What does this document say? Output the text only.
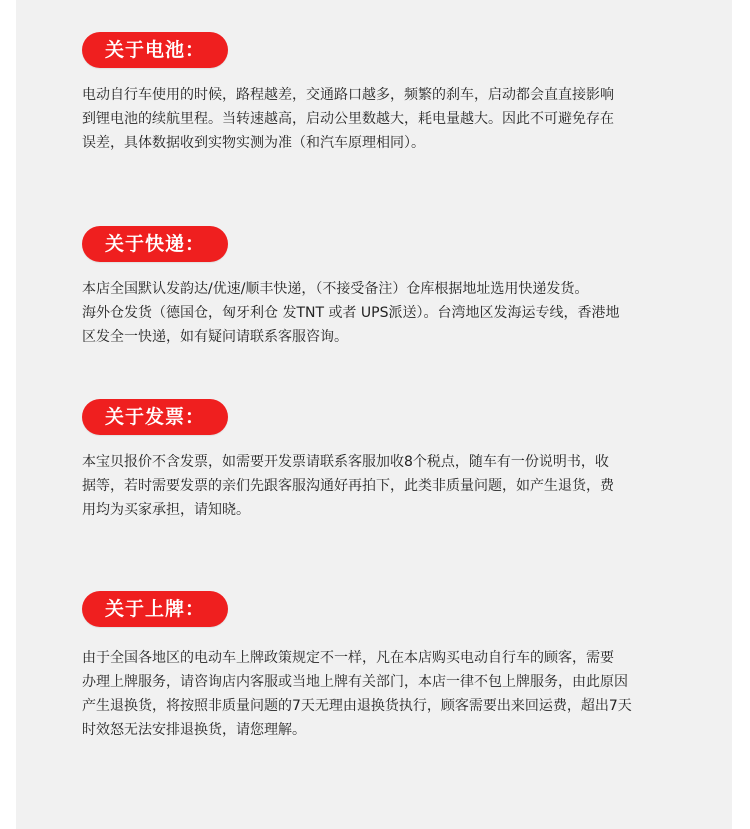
关于电池：

电动自行车使用的时候，路程越差，交通路口越多，频繁的刹车，启动都会直直接影响
到锂电池的续航里程。当转速越高，启动公里数越大，耗电量越大。因此不可避免存在
误差，具体数据收到实物实测为准（和汽车原理相同）。

关于快递：

本店全国默认发韵达/优速/顺丰快递，（不接受备注）仓库根据地址选用快递发货。
海外仓发货（德国仓，匈牙利仓 发TNT 或者 UPS派送）。台湾地区发海运专线，香港地
区发全一快递，如有疑问请联系客服咨询。

关于发票：

本宝贝报价不含发票，如需要开发票请联系客服加收8个税点，随车有一份说明书，收
据等，若时需要发票的亲们先跟客服沟通好再拍下，此类非质量问题，如产生退货，费
用均为买家承担，请知晓。

关于上牌：

由于全国各地区的电动车上牌政策规定不一样，凡在本店购买电动自行车的顾客，需要
办理上牌服务，请咨询店内客服或当地上牌有关部门，本店一律不包上牌服务，由此原因
产生退换货，将按照非质量问题的7天无理由退换货执行，顾客需要出来回运费，超出7天
时效怒无法安排退换货，请您理解。
